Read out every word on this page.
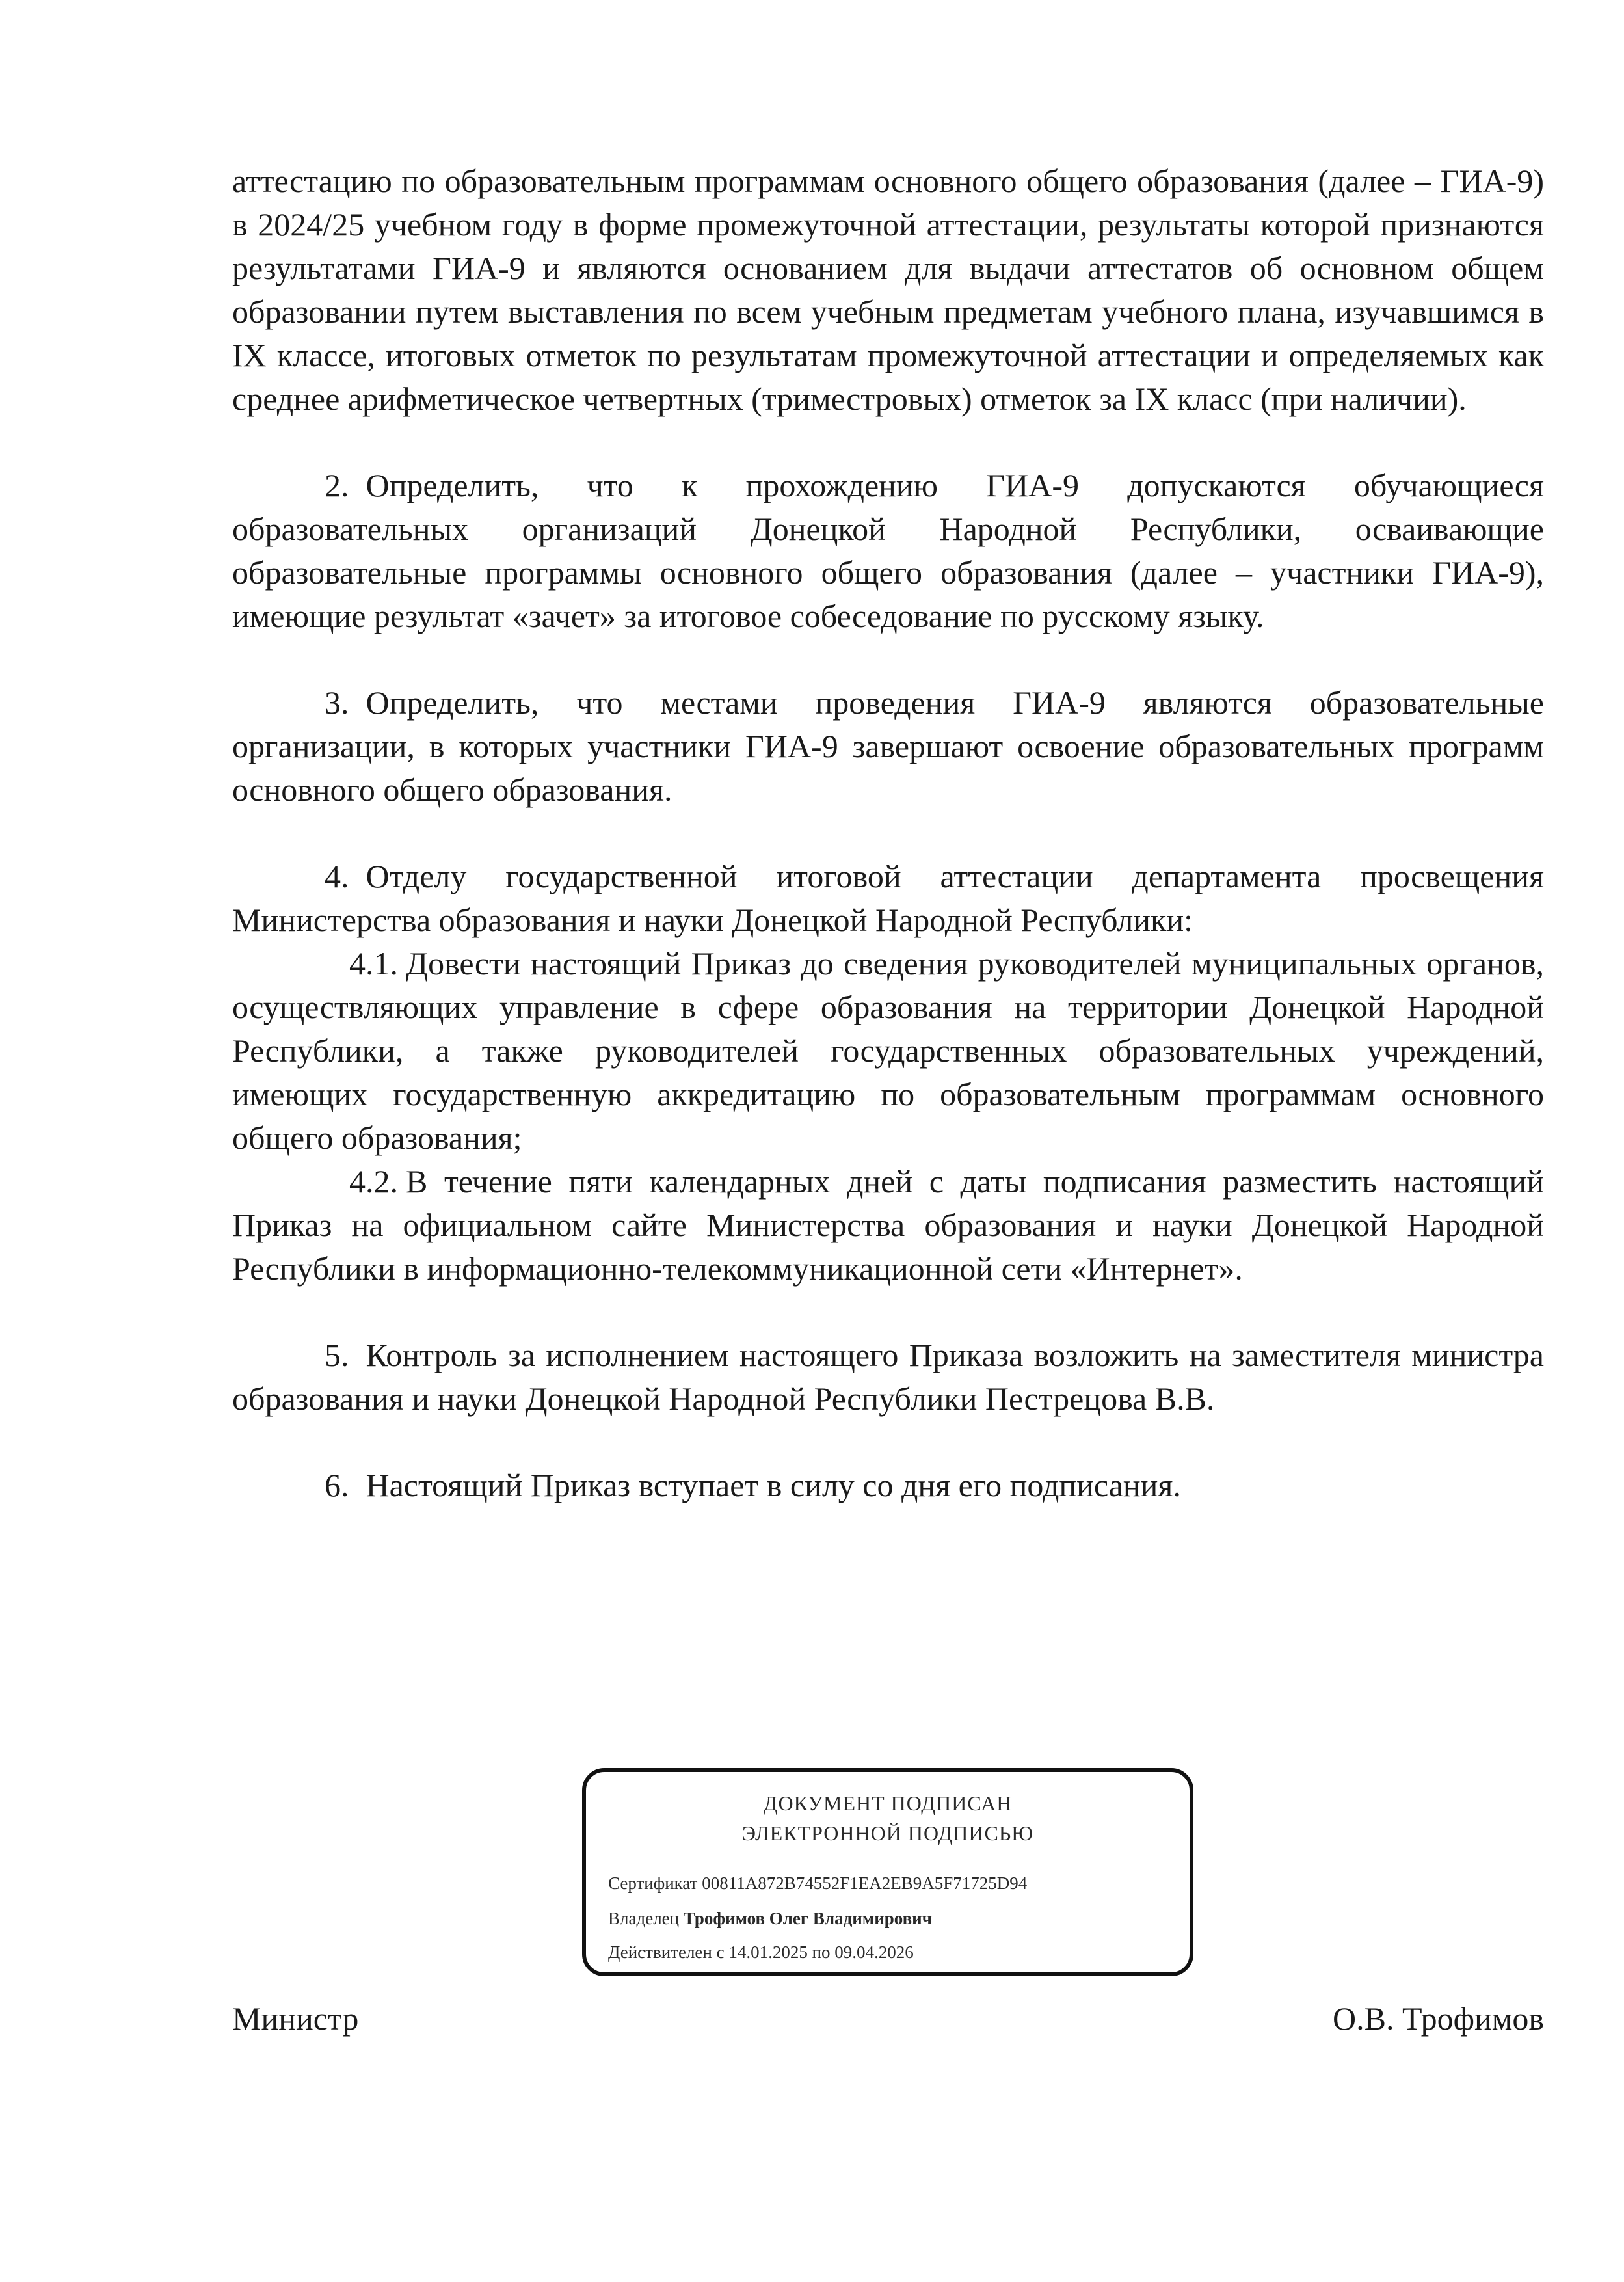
аттестацию по образовательным программам основного общего образования (далее – ГИА-9) в 2024/25 учебном году в форме промежуточной аттестации, результаты которой признаются результатами ГИА-9 и являются основанием для выдачи аттестатов об основном общем образовании путем выставления по всем учебным предметам учебного плана, изучавшимся в IX классе, итоговых отметок по результатам промежуточной аттестации и определяемых как среднее арифметическое четвертных (триместровых) отметок за IX класс (при наличии).

2. Определить, что к прохождению ГИА-9 допускаются обучающиеся образовательных организаций Донецкой Народной Республики, осваивающие образовательные программы основного общего образования (далее – участники ГИА-9), имеющие результат «зачет» за итоговое собеседование по русскому языку.

3. Определить, что местами проведения ГИА-9 являются образовательные организации, в которых участники ГИА-9 завершают освоение образовательных программ основного общего образования.

4. Отделу государственной итоговой аттестации департамента просвещения Министерства образования и науки Донецкой Народной Республики:

4.1. Довести настоящий Приказ до сведения руководителей муниципальных органов, осуществляющих управление в сфере образования на территории Донецкой Народной Республики, а также руководителей государственных образовательных учреждений, имеющих государственную аккредитацию по образовательным программам основного общего образования;

4.2. В течение пяти календарных дней с даты подписания разместить настоящий Приказ на официальном сайте Министерства образования и науки Донецкой Народной Республики в информационно-телекоммуникационной сети «Интернет».

5. Контроль за исполнением настоящего Приказа возложить на заместителя министра образования и науки Донецкой Народной Республики Пестрецова В.В.

6. Настоящий Приказ вступает в силу со дня его подписания.

ДОКУМЕНТ ПОДПИСАН
ЭЛЕКТРОННОЙ ПОДПИСЬЮ
Сертификат 00811A872B74552F1EA2EB9A5F71725D94
Владелец Трофимов Олег Владимирович
Действителен с 14.01.2025 по 09.04.2026
Министр	О.В. Трофимов
